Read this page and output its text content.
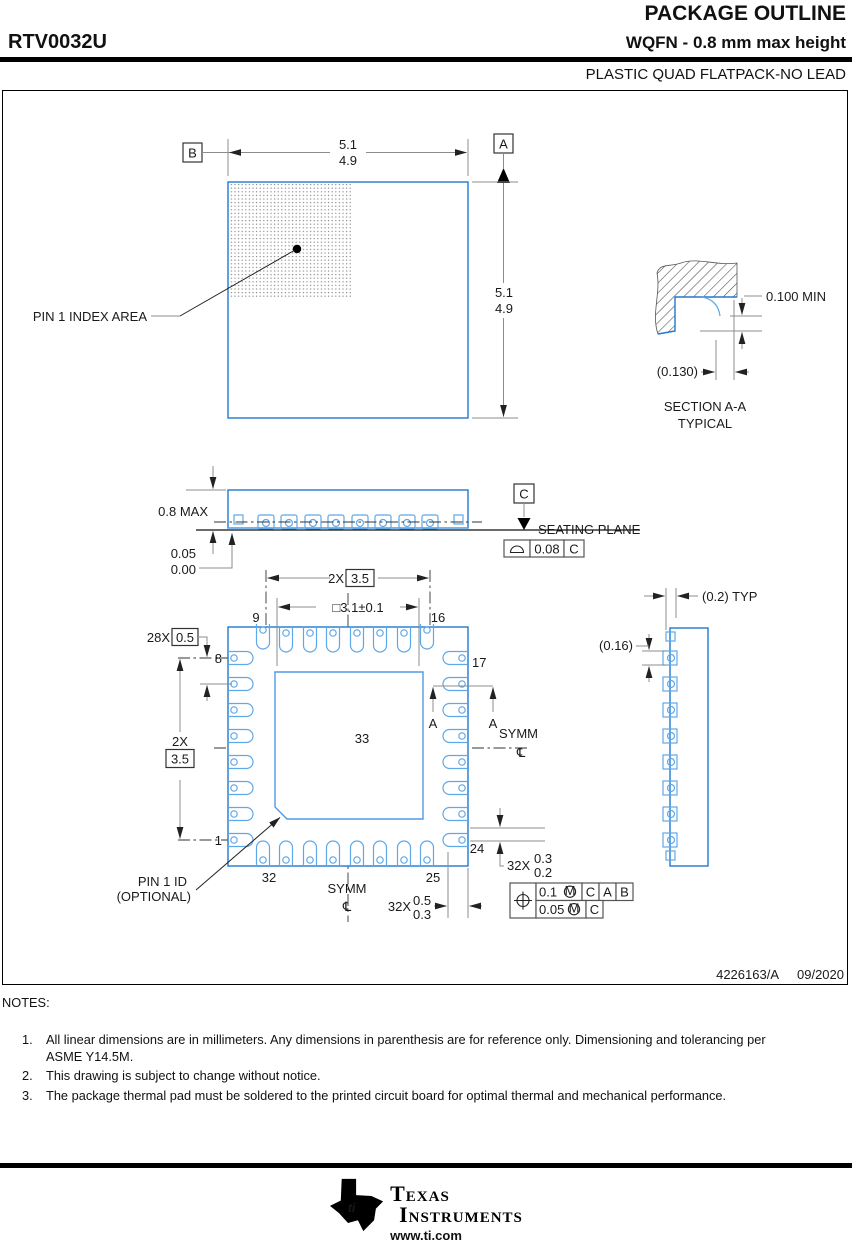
PACKAGE OUTLINE
RTV0032U	WQFN - 0.8 mm max height
PLASTIC QUAD FLATPACK-NO LEAD
PIN 1 INDEX AREA
B
5.1
4.9
A
5.1
4.9
0.100 MIN
(0.130)
SECTION A-A
TYPICAL
0.8 MAX
0.05
0.00
C
SEATING PLANE
0.08 C
33
9	16
8	17
1
24
32	25
2X 3.5
□3.1±0.1
28X 0.5
2X
3.5
A	A
SYMM
℄
SYMM
℄	32X 0.5
0.3
32X 0.3
0.2
PIN 1 ID
(OPTIONAL)	0.1 M C A B
0.05 M C
(0.2) TYP
(0.16)
4226163/A 09/2020
NOTES:
1.	All linear dimensions are in millimeters. Any dimensions in parenthesis are for reference only. Dimensioning and tolerancing per ASME Y14.5M.
2.	This drawing is subject to change without notice.
3.	The package thermal pad must be soldered to the printed circuit board for optimal thermal and mechanical performance.
ti
Texas
Instruments
www.ti.com
